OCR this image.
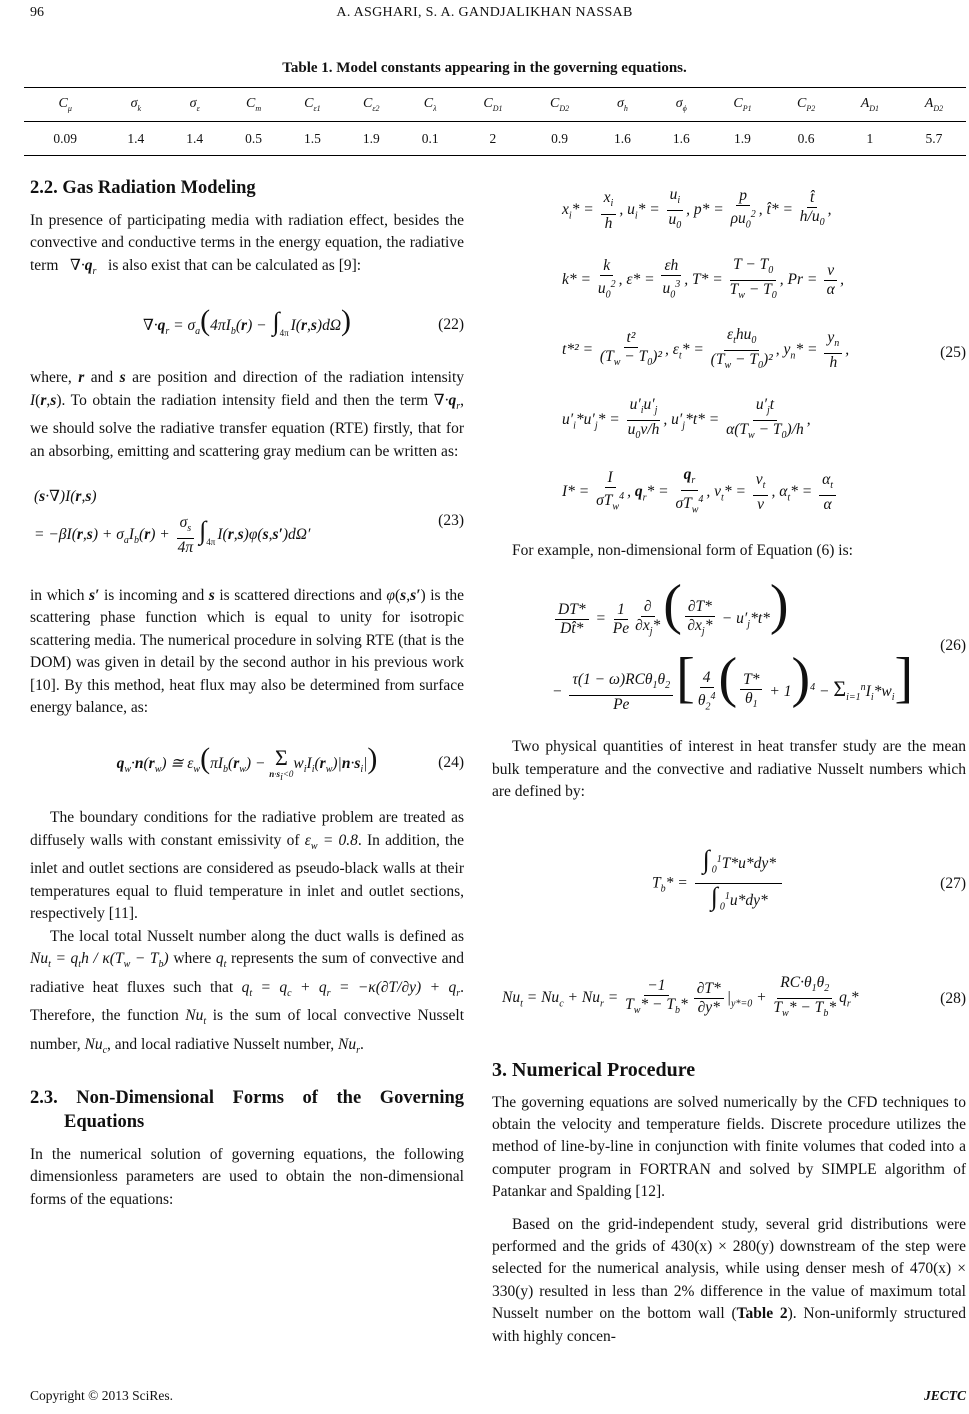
96	A. ASGHARI, S. A. GANDJALIKHAN NASSAB
Table 1. Model constants appearing in the governing equations.
$C_\mu$	$\sigma_k$	$\sigma_\varepsilon$	$C_m$	$C_{\varepsilon 1}$	$C_{\varepsilon 2}$	$C_\lambda$	$C_{D1}$	$C_{D2}$	$\sigma_h$	$\sigma_\phi$	$C_{P1}$	$C_{P2}$	$A_{D1}$	$A_{D2}$
0.09	1.4	1.4	0.5	1.5	1.9	0.1	2	0.9	1.6	1.6	1.9	0.6	1	5.7
2.2. Gas Radiation Modeling

In presence of participating media with radiation effect, besides the convective and conductive terms in the energy equation, the radiative term   $\nabla\cdot q_r$ is also exist that can be calculated as [9]:

$\nabla\cdot q_r = \sigma_a(4\pi I_b(r) - \int_{4\pi}$ I(r,s)dΩ)	(22)

where, r and s are position and direction of the radiation intensity I(r,s). To obtain the radiation intensity field and then the term $\nabla\cdot q_r$, we should solve the radiative transfer equation (RTE) firstly, that for an absorbing, emitting and scattering gray medium can be written as:

(s·∇)I(r,s)
= $-\beta I(r,s) + \sigma_aI_b(r) + \frac{\sigma_s}{4\pi} \int_{4\pi}$ I(r,s)φ(s,s′)dΩ′
(23)

in which s′ is incoming and s is scattered directions and φ(s,s′) is the scattering phase function which is equal to unity for isotropic scattering media. The numerical procedure in solving RTE (that is the DOM) was given in detail by the second author in his previous work [10]. By this method, heat flux may also be determined from surface energy balance, as:

$q_w\cdot n(r_w)$ ≅ $\varepsilon_w(\pi I_b(r_w) - \Sigma$
$n\cdot s_i<0$
$w_iI_i(r_w)|n\cdot s_i|$)	(24)

The boundary conditions for the radiative problem are treated as diffusely walls with constant emissivity of $\varepsilon_w = 0.8$. In addition, the inlet and outlet sections are considered as pseudo-black walls at their temperatures equal to fluid temperature in inlet and outlet sections, respectively [11].

The local total Nusselt number along the duct walls is defined as $Nu_t = q_th / \kappa(T_w - T_b)$ where $q_t$ represents the sum of convective and radiative heat fluxes such that $q_t = q_c + q_r = -\kappa(\partial T/\partial y) + q_r$. Therefore, the function $Nu_t$ is the sum of local convective Nusselt number, $Nu_c$, and local radiative Nusselt number, $Nu_r$.

2.3. Non-Dimensional Forms of the Governing Equations

In the numerical solution of governing equations, the following dimensionless parameters are used to obtain the non-dimensional forms of the equations:

$x_i* = \frac{x_i}{h}$ , $u_i* = \frac{u_i}{u_0}$ , $p* = \frac{p}{\rho u_0^2}$ , t̂* = $\frac{t̂}{h/u_0}$ ,
$k* = \frac{k}{u_0^2}$ , $\varepsilon* = \frac{\varepsilon h}{u_0^3}$ , $T* = \frac{T - T_0}{T_w - T_0}$ , $Pr = \frac{\nu}{\alpha}$ ,
$t*^2 = \frac{\text{t²}}{(T_w - T_0)^2}$ , $\varepsilon_t* = \frac{\varepsilon_thu_0}{(T_w - T_0)^2}$ , $y_n* = \frac{y_n}{h}$ ,
$u'_i*u'_j* = \frac{u'_iu'_j}{u_0\nu/h}$ , $u'_j*t* = \frac{u'_jt}{\alpha(T_w - T_0)/h}$ ,
$I* = \frac{I}{\sigma T_w^4}$ , $q_r* = \frac{q_r}{\sigma T_w^4}$ , $\nu_t* = \frac{\nu_t}{\nu}$ , $\alpha_t* = \frac{\alpha_t}{\alpha}$
(25)

For example, non-dimensional form of Equation (6) is:

$\frac{DT*}{Dt̂*} = \frac{1}{Pe} \frac{\partial}{\partial x_j*}$ ( $\frac{\partial T*}{\partial x_j*} - u'_j*t*$)
− $\frac{\tau(1 - \omega)RC\theta_1\theta_2}{Pe}$ [ $\frac{4}{\theta_2^4}$ ( $\frac{T*}{\theta_1} + 1)^4 - \Sigma_{i=1}^nI_i*w_i$]
(26)

Two physical quantities of interest in heat transfer study are the mean bulk temperature and the convective and radiative Nusselt numbers which are defined by:

$T_b* = \frac{\int _0^1T*u*dy*}{\int _0^1u*dy*}$	(27)
$Nu_t = Nu_c + Nu_r = \frac{-1}{T_w* - T_b*} \frac{\partial T*}{\partial y*} |_{y*=0} + \frac{RC\cdot\theta_1\theta_2}{T_w* - T_b*} q_r*$	(28)
3. Numerical Procedure

The governing equations are solved numerically by the CFD techniques to obtain the velocity and temperature fields. Discrete procedure utilizes the method of line-by-line in conjunction with finite volumes that coded into a computer program in FORTRAN and solved by SIMPLE algorithm of Patankar and Spalding [12].

Based on the grid-independent study, several grid distributions were performed and the grids of 430(x) × 280(y) downstream of the step were selected for the numerical analysis, while using denser mesh of 470(x) × 330(y) resulted in less than 2% difference in the value of maximum total Nusselt number on the bottom wall (Table 2). Non-uniformly structured with highly concen-

Copyright © 2013 SciRes.	JECTC
